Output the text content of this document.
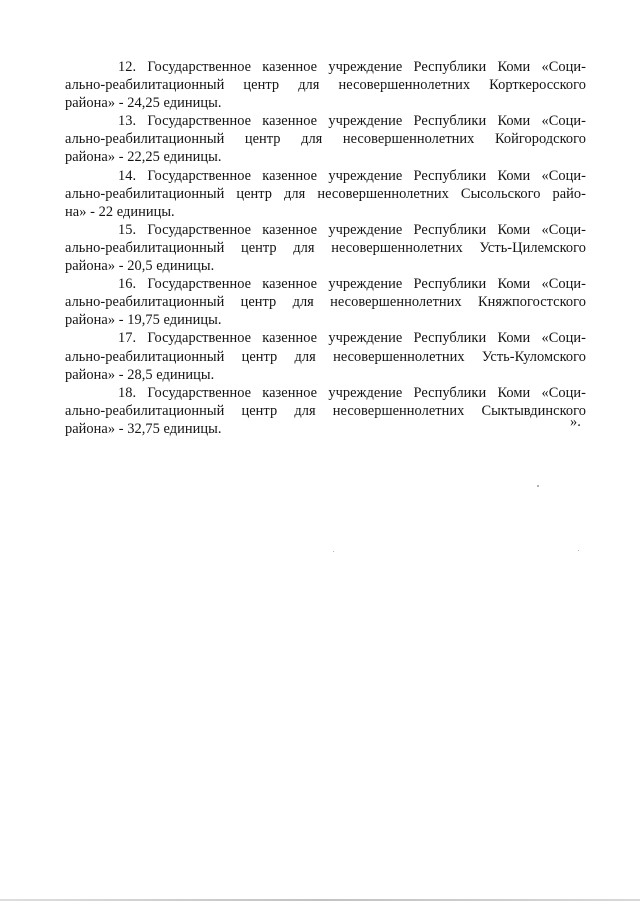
12. Государственное казенное учреждение Республики Коми «Соци-
ально-реабилитационный центр для несовершеннолетних Корткеросского
района» - 24,25 единицы.

13. Государственное казенное учреждение Республики Коми «Соци-
ально-реабилитационный центр для несовершеннолетних Койгородского
района» - 22,25 единицы.

14. Государственное казенное учреждение Республики Коми «Соци-
ально-реабилитационный центр для несовершеннолетних Сысольского райо-
на» - 22 единицы.

15. Государственное казенное учреждение Республики Коми «Соци-
ально-реабилитационный центр для несовершеннолетних Усть-Цилемского
района» - 20,5 единицы.

16. Государственное казенное учреждение Республики Коми «Соци-
ально-реабилитационный центр для несовершеннолетних Княжпогостского
района» - 19,75 единицы.

17. Государственное казенное учреждение Республики Коми «Соци-
ально-реабилитационный центр для несовершеннолетних Усть-Куломского
района» - 28,5 единицы.

18. Государственное казенное учреждение Республики Коми «Соци-
ально-реабилитационный центр для несовершеннолетних Сыктывдинского
района» - 32,75 единицы.	».
